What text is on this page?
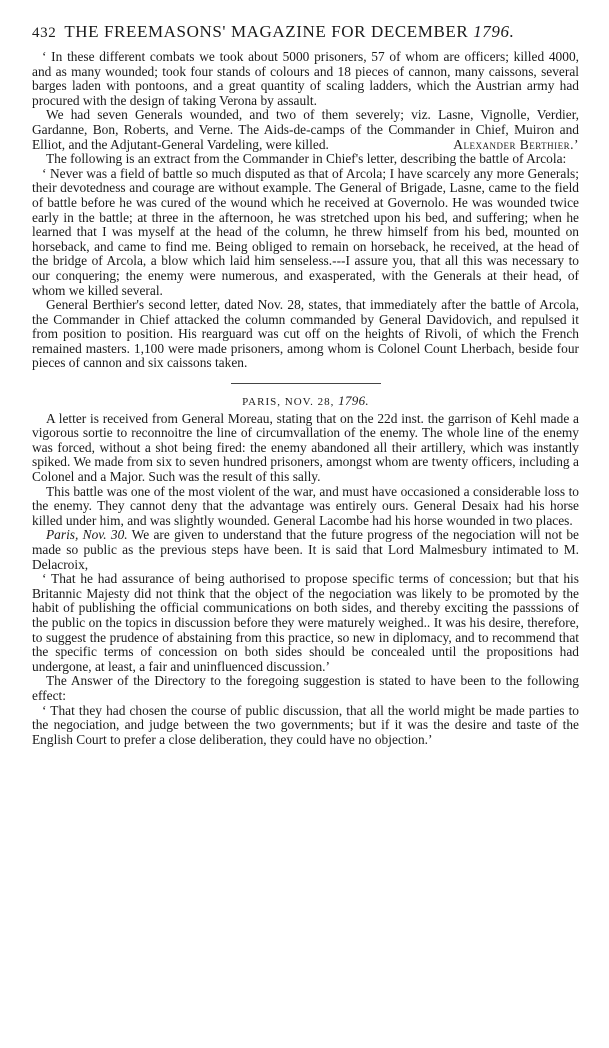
432 THE FREEMASONS' MAGAZINE FOR DECEMBER 1796.

‘ In these different combats we took about 5000 prisoners, 57 of whom are officers; killed 4000, and as many wounded; took four stands of colours and 18 pieces of cannon, many caissons, several barges laden with pontoons, and a great quantity of scaling ladders, which the Austrian army had procured with the design of taking Verona by assault.

We had seven Generals wounded, and two of them severely; viz. Lasne, Vignolle, Verdier, Gardanne, Bon, Roberts, and Verne. The Aids-de-camps of the Commander in Chief, Muiron and Elliot, and the Adjutant-General Vardeling, were killed.	Alexander Berthier.’

The following is an extract from the Commander in Chief's letter, describing the battle of Arcola:

‘ Never was a field of battle so much disputed as that of Arcola; I have scarcely any more Generals; their devotedness and courage are without example. The General of Brigade, Lasne, came to the field of battle before he was cured of the wound which he received at Governolo. He was wounded twice early in the battle; at three in the afternoon, he was stretched upon his bed, and suffering; when he learned that I was myself at the head of the column, he threw himself from his bed, mounted on horseback, and came to find me. Being obliged to remain on horseback, he received, at the head of the bridge of Arcola, a blow which laid him senseless.---I assure you, that all this was necessary to our conquering; the enemy were numerous, and exasperated, with the Generals at their head, of whom we killed several.

General Berthier's second letter, dated Nov. 28, states, that immediately after the battle of Arcola, the Commander in Chief attacked the column commanded by General Davidovich, and repulsed it from position to position. His rearguard was cut off on the heights of Rivoli, of which the French remained masters. 1,100 were made prisoners, among whom is Colonel Count Lherbach, beside four pieces of cannon and six caissons taken.

PARIS, NOV. 28, 1796.

A letter is received from General Moreau, stating that on the 22d inst. the garrison of Kehl made a vigorous sortie to reconnoitre the line of circumvallation of the enemy. The whole line of the enemy was forced, without a shot being fired: the enemy abandoned all their artillery, which was instantly spiked. We made from six to seven hundred prisoners, amongst whom are twenty officers, including a Colonel and a Major. Such was the result of this sally.

This battle was one of the most violent of the war, and must have occasioned a considerable loss to the enemy. They cannot deny that the advantage was entirely ours. General Desaix had his horse killed under him, and was slightly wounded. General Lacombe had his horse wounded in two places.

Paris, Nov. 30. We are given to understand that the future progress of the negociation will not be made so public as the previous steps have been. It is said that Lord Malmesbury intimated to M. Delacroix,

‘ That he had assurance of being authorised to propose specific terms of concession; but that his Britannic Majesty did not think that the object of the negociation was likely to be promoted by the habit of publishing the official communications on both sides, and thereby exciting the passsions of the public on the topics in discussion before they were maturely weighed.. It was his desire, therefore, to suggest the prudence of abstaining from this practice, so new in diplomacy, and to recommend that the specific terms of concession on both sides should be concealed until the propositions had undergone, at least, a fair and uninfluenced discussion.’

The Answer of the Directory to the foregoing suggestion is stated to have been to the following effect:

‘ That they had chosen the course of public discussion, that all the world might be made parties to the negociation, and judge between the two governments; but if it was the desire and taste of the English Court to prefer a close deliberation, they could have no objection.’
